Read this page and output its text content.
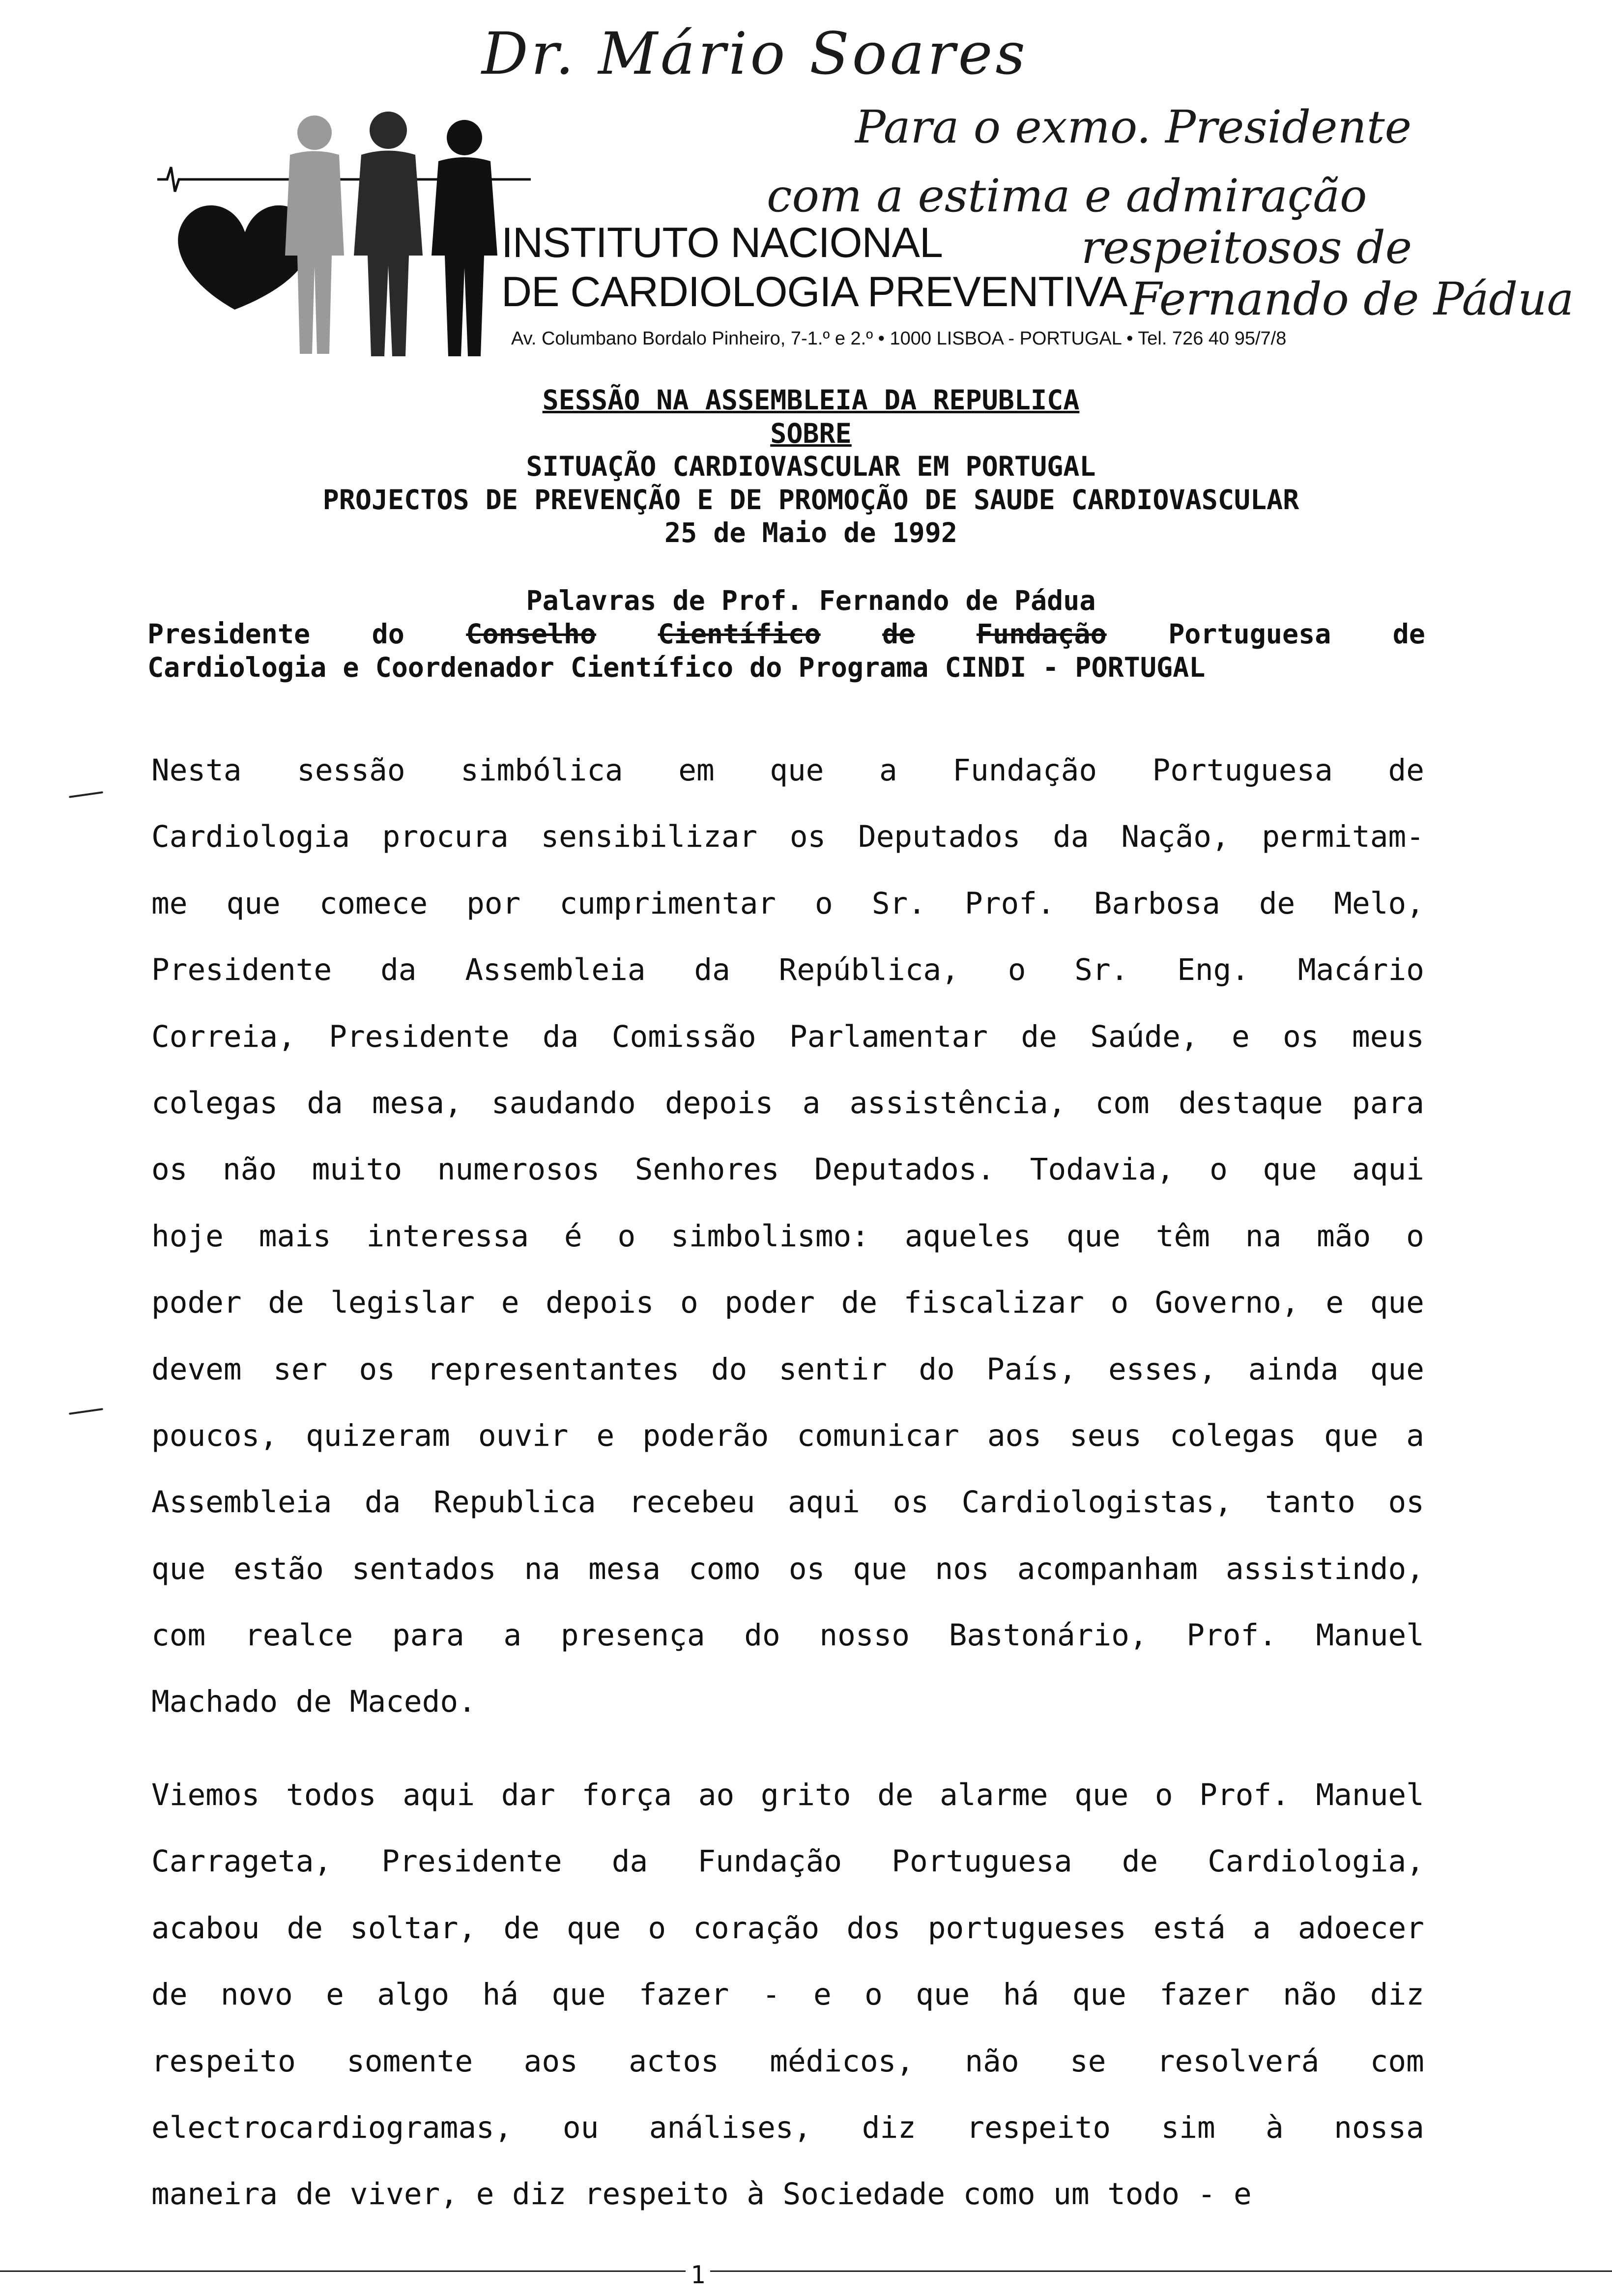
Dr. Mário Soares
Para o exmo. Presidente
com a estima e admiração
respeitosos de
Fernando de Pádua
INSTITUTO NACIONAL
DE CARDIOLOGIA PREVENTIVA
Av. Columbano Bordalo Pinheiro, 7-1.º e 2.º • 1000 LISBOA - PORTUGAL • Tel. 726 40 95/7/8
SESSÃO NA ASSEMBLEIA DA REPUBLICA
SOBRE
SITUAÇÃO CARDIOVASCULAR EM PORTUGAL
PROJECTOS DE PREVENÇÃO E DE PROMOÇÃO DE SAUDE CARDIOVASCULAR
25 de Maio de 1992
Palavras de Prof. Fernando de Pádua
Presidente do Conselho Científico de Fundação Portuguesa de
Cardiologia e Coordenador Científico do Programa CINDI - PORTUGAL
Nesta sessão simbólica em que a Fundação Portuguesa de
Cardiologia procura sensibilizar os Deputados da Nação, permitam-
me que comece por cumprimentar o Sr. Prof. Barbosa de Melo,
Presidente da Assembleia da República, o Sr. Eng. Macário
Correia, Presidente da Comissão Parlamentar de Saúde, e os meus
colegas da mesa, saudando depois a assistência, com destaque para
os não muito numerosos Senhores Deputados. Todavia, o que aqui
hoje mais interessa é o simbolismo: aqueles que têm na mão o
poder de legislar e depois o poder de fiscalizar o Governo, e que
devem ser os representantes do sentir do País, esses, ainda que
poucos, quizeram ouvir e poderão comunicar aos seus colegas que a
Assembleia da Republica recebeu aqui os Cardiologistas, tanto os
que estão sentados na mesa como os que nos acompanham assistindo,
com realce para a presença do nosso Bastonário, Prof. Manuel
Machado de Macedo.
Viemos todos aqui dar força ao grito de alarme que o Prof. Manuel
Carrageta, Presidente da Fundação Portuguesa de Cardiologia,
acabou de soltar, de que o coração dos portugueses está a adoecer
de novo e algo há que fazer - e o que há que fazer não diz
respeito somente aos actos médicos, não se resolverá com
electrocardiogramas, ou análises, diz respeito sim à nossa
maneira de viver, e diz respeito à Sociedade como um todo - e
1
